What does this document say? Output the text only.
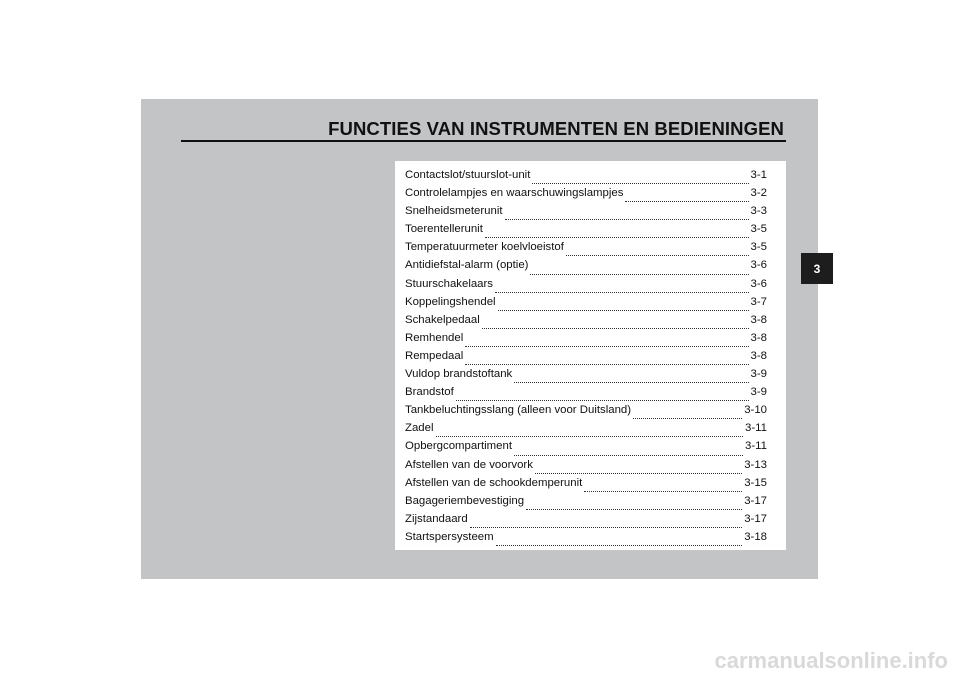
FUNCTIES VAN INSTRUMENTEN EN BEDIENINGEN
Contactslot/stuurslot-unit	3-1
Controlelampjes en waarschuwingslampjes	3-2
Snelheidsmeterunit	3-3
Toerentellerunit	3-5
Temperatuurmeter koelvloeistof	3-5
Antidiefstal-alarm (optie)	3-6
Stuurschakelaars	3-6
Koppelingshendel	3-7
Schakelpedaal	3-8
Remhendel	3-8
Rempedaal	3-8
Vuldop brandstoftank	3-9
Brandstof	3-9
Tankbeluchtingsslang (alleen voor Duitsland)	3-10
Zadel	3-11
Opbergcompartiment	3-11
Afstellen van de voorvork	3-13
Afstellen van de schookdemperunit	3-15
Bagageriembevestiging	3-17
Zijstandaard	3-17
Startspersysteem	3-18
3
carmanualsonline.info
